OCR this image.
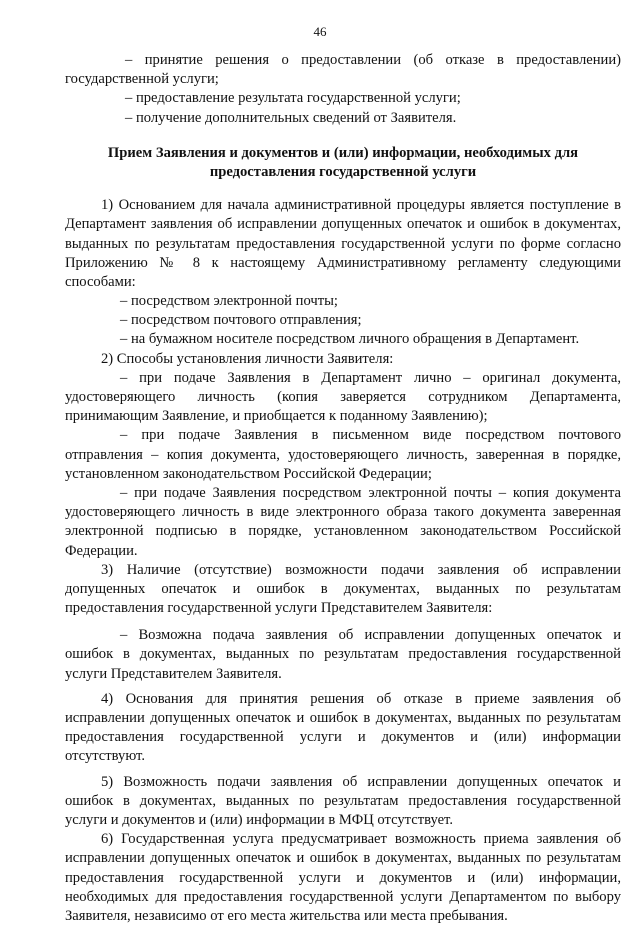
46
– принятие решения о предоставлении (об отказе в предоставлении)
государственной услуги;
– предоставление результата государственной услуги;
– получение дополнительных сведений от Заявителя.
Прием Заявления и документов и (или) информации, необходимых для
предоставления государственной услуги
1) Основанием для начала административной процедуры является поступление в
Департамент заявления об исправлении допущенных опечаток и ошибок в документах,
выданных по результатам предоставления государственной услуги по форме согласно
Приложению № 8 к настоящему Административному регламенту следующими
способами:
– посредством электронной почты;
– посредством почтового отправления;
– на бумажном носителе посредством личного обращения в Департамент.
2) Способы установления личности Заявителя:
– при подаче Заявления в Департамент лично – оригинал документа,
удостоверяющего личность (копия заверяется сотрудником Департамента,
принимающим Заявление, и приобщается к поданному Заявлению);
– при подаче Заявления в письменном виде посредством почтового
отправления – копия документа, удостоверяющего личность, заверенная в порядке,
установленном законодательством Российской Федерации;
– при подаче Заявления посредством электронной почты – копия документа
удостоверяющего личность в виде электронного образа такого документа заверенная
электронной подписью в порядке, установленном законодательством Российской
Федерации.
3) Наличие (отсутствие) возможности подачи заявления об исправлении
допущенных опечаток и ошибок в документах, выданных по результатам
предоставления государственной услуги Представителем Заявителя:
– Возможна подача заявления об исправлении допущенных опечаток и
ошибок в документах, выданных по результатам предоставления государственной
услуги Представителем Заявителя.
4) Основания для принятия решения об отказе в приеме заявления об
исправлении допущенных опечаток и ошибок в документах, выданных по результатам
предоставления государственной услуги и документов и (или) информации
отсутствуют.
5) Возможность подачи заявления об исправлении допущенных опечаток и
ошибок в документах, выданных по результатам предоставления государственной
услуги и документов и (или) информации в МФЦ отсутствует.
6) Государственная услуга предусматривает возможность приема заявления об
исправлении допущенных опечаток и ошибок в документах, выданных по результатам
предоставления государственной услуги и документов и (или) информации,
необходимых для предоставления государственной услуги Департаментом по выбору
Заявителя, независимо от его места жительства или места пребывания.
